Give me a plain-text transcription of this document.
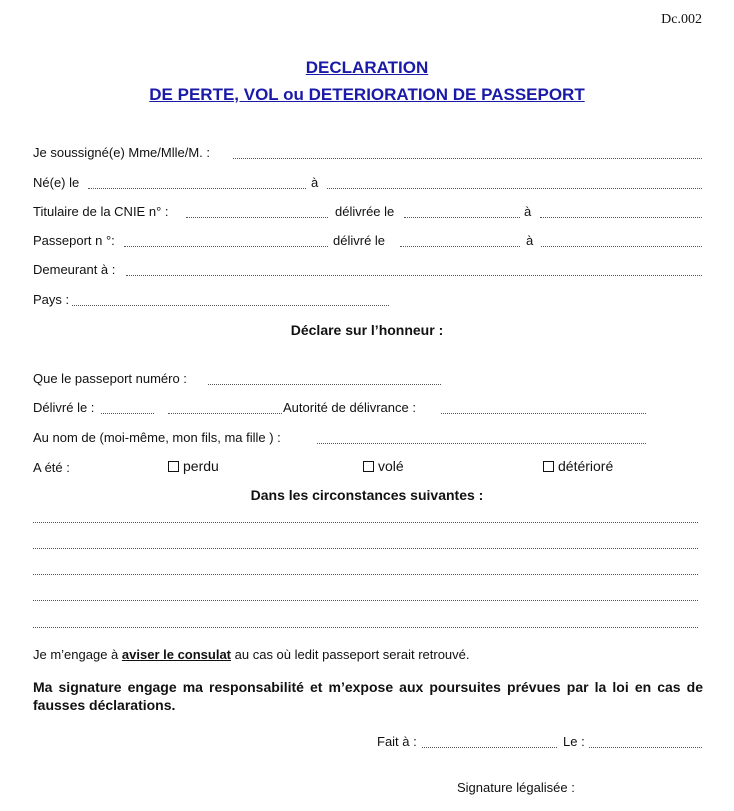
Dc.002
DECLARATION
DE PERTE, VOL ou DETERIORATION DE PASSEPORT
Je soussigné(e) Mme/Mlle/M. :
Né(e) le	à
Titulaire de la CNIE n° :	délivrée le	à
Passeport n °:	délivré le	à
Demeurant à :
Pays :
Déclare sur l’honneur :
Que le passeport numéro :
Délivré le :	Autorité de délivrance :
Au nom de (moi-même, mon fils, ma fille ) :
A été :	perdu	volé	détérioré
Dans les circonstances suivantes :
Je m’engage à aviser le consulat au cas où ledit passeport serait retrouvé.
Ma signature engage ma responsabilité et m’expose aux poursuites prévues par la loi en cas de fausses déclarations.
Fait à :	Le :
Signature légalisée :
